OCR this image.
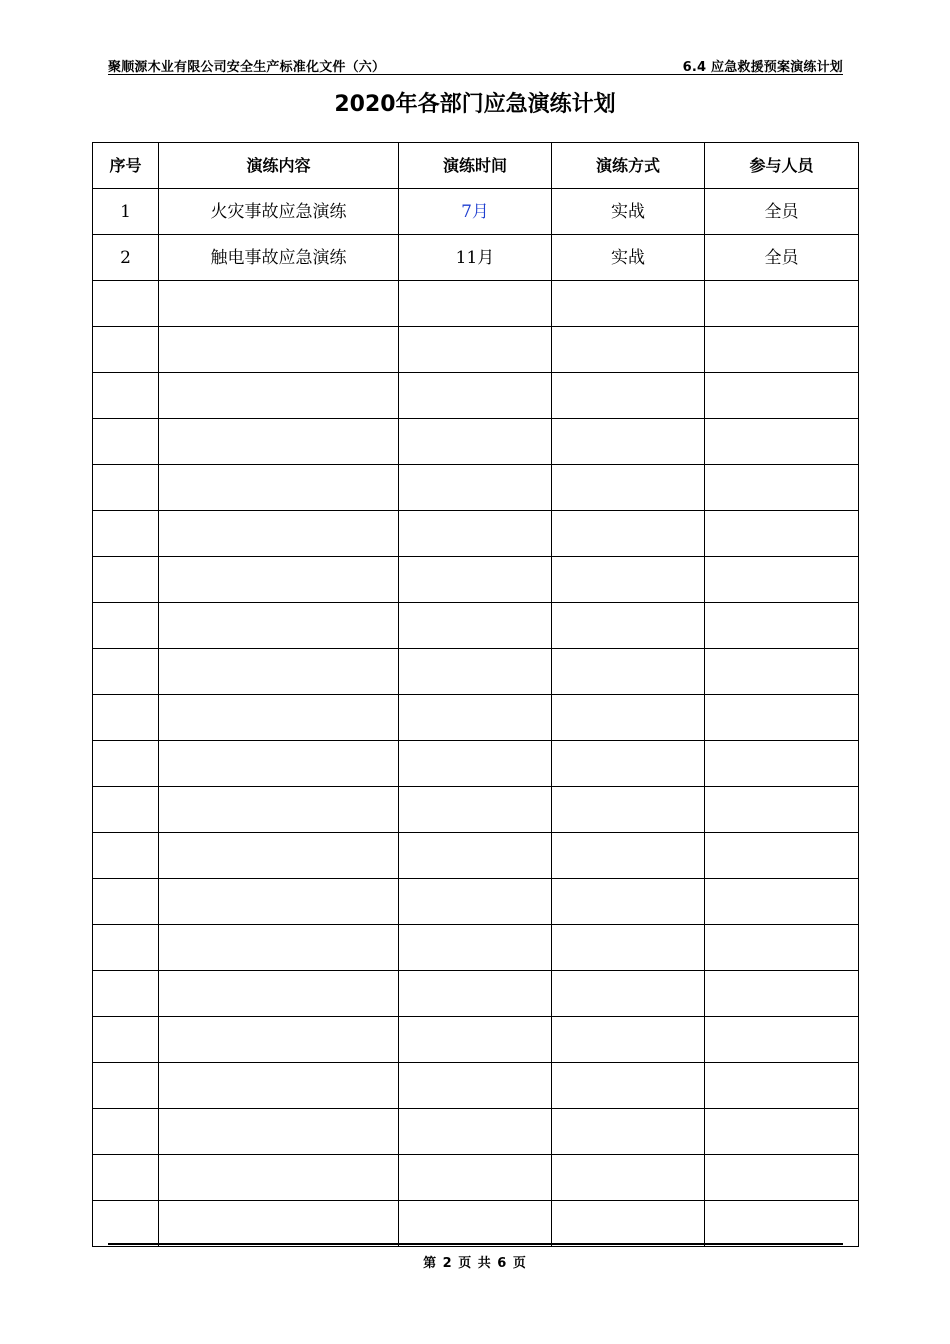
聚顺源木业有限公司安全生产标准化文件（六）	6.4 应急救援预案演练计划
2020年各部门应急演练计划
序号	演练内容	演练时间	演练方式	参与人员
1	火灾事故应急演练	7月	实战	全员
2	触电事故应急演练	11月	实战	全员

第 2 页 共 6 页
